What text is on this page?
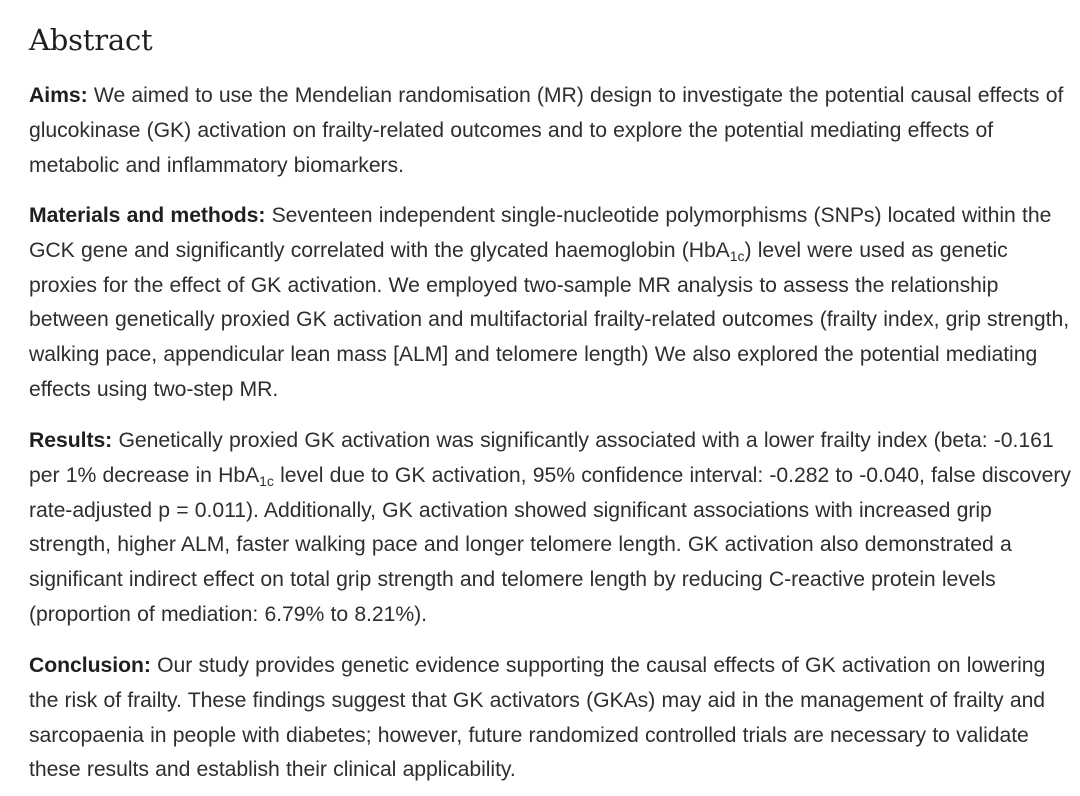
Abstract

Aims: We aimed to use the Mendelian randomisation (MR) design to investigate the potential causal effects of glucokinase (GK) activation on frailty-related outcomes and to explore the potential mediating effects of metabolic and inflammatory biomarkers.

Materials and methods: Seventeen independent single-nucleotide polymorphisms (SNPs) located within the GCK gene and significantly correlated with the glycated haemoglobin (HbA$_{1c}$) level were used as genetic proxies for the effect of GK activation. We employed two-sample MR analysis to assess the relationship between genetically proxied GK activation and multifactorial frailty-related outcomes (frailty index, grip strength, walking pace, appendicular lean mass [ALM] and telomere length) We also explored the potential mediating effects using two-step MR.

Results: Genetically proxied GK activation was significantly associated with a lower frailty index (beta: -0.161 per 1% decrease in HbA$_{1c}$ level due to GK activation, 95% confidence interval: -0.282 to -0.040, false discovery rate-adjusted p = 0.011). Additionally, GK activation showed significant associations with increased grip strength, higher ALM, faster walking pace and longer telomere length. GK activation also demonstrated a significant indirect effect on total grip strength and telomere length by reducing C-reactive protein levels (proportion of mediation: 6.79% to 8.21%).

Conclusion: Our study provides genetic evidence supporting the causal effects of GK activation on lowering the risk of frailty. These findings suggest that GK activators (GKAs) may aid in the management of frailty and sarcopaenia in people with diabetes; however, future randomized controlled trials are necessary to validate these results and establish their clinical applicability.
